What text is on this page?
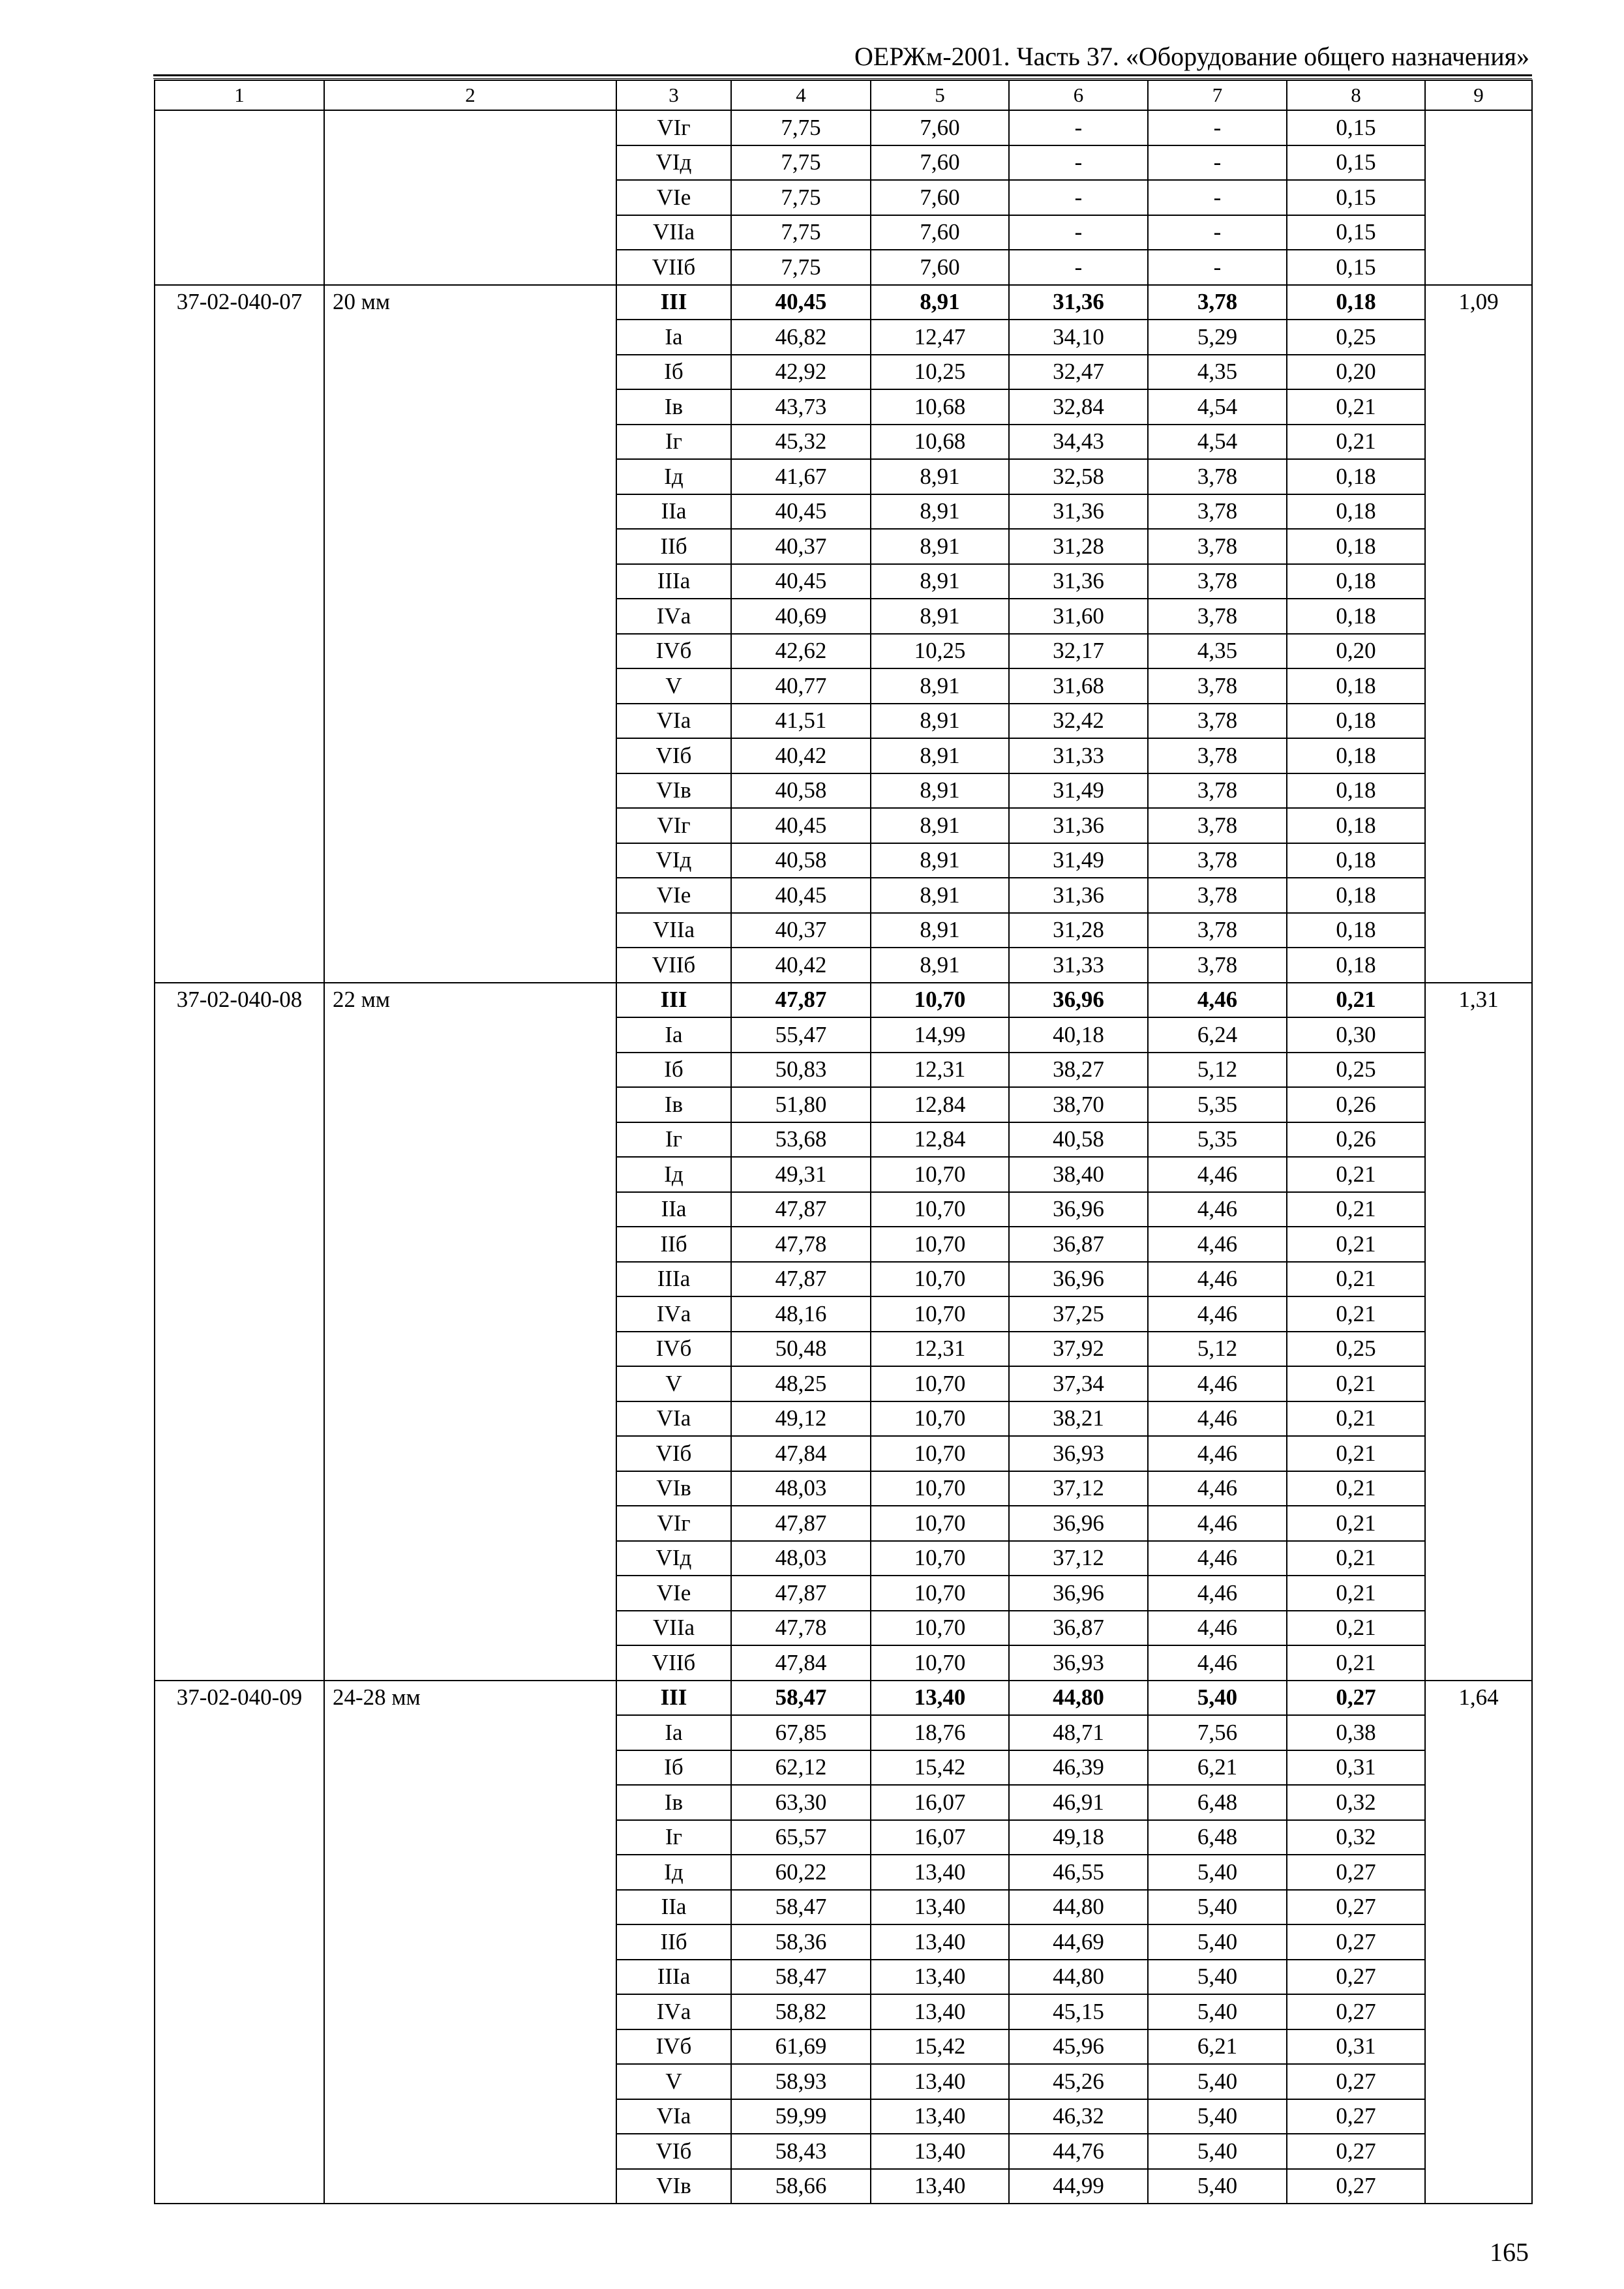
ОЕРЖм-2001. Часть 37. «Оборудование общего назначения»
1	2	3	4	5	6	7	8	9
		VIг	7,75	7,60	-	-	0,15	
		VIд	7,75	7,60	-	-	0,15	
		VIе	7,75	7,60	-	-	0,15	
		VIIа	7,75	7,60	-	-	0,15	
		VIIб	7,75	7,60	-	-	0,15	
37-02-040-07	20 мм	III	40,45	8,91	31,36	3,78	0,18	1,09
		Iа	46,82	12,47	34,10	5,29	0,25	
		Iб	42,92	10,25	32,47	4,35	0,20	
		Iв	43,73	10,68	32,84	4,54	0,21	
		Iг	45,32	10,68	34,43	4,54	0,21	
		Iд	41,67	8,91	32,58	3,78	0,18	
		IIа	40,45	8,91	31,36	3,78	0,18	
		IIб	40,37	8,91	31,28	3,78	0,18	
		IIIа	40,45	8,91	31,36	3,78	0,18	
		IVа	40,69	8,91	31,60	3,78	0,18	
		IVб	42,62	10,25	32,17	4,35	0,20	
		V	40,77	8,91	31,68	3,78	0,18	
		VIа	41,51	8,91	32,42	3,78	0,18	
		VIб	40,42	8,91	31,33	3,78	0,18	
		VIв	40,58	8,91	31,49	3,78	0,18	
		VIг	40,45	8,91	31,36	3,78	0,18	
		VIд	40,58	8,91	31,49	3,78	0,18	
		VIе	40,45	8,91	31,36	3,78	0,18	
		VIIа	40,37	8,91	31,28	3,78	0,18	
		VIIб	40,42	8,91	31,33	3,78	0,18	
37-02-040-08	22 мм	III	47,87	10,70	36,96	4,46	0,21	1,31
		Iа	55,47	14,99	40,18	6,24	0,30	
		Iб	50,83	12,31	38,27	5,12	0,25	
		Iв	51,80	12,84	38,70	5,35	0,26	
		Iг	53,68	12,84	40,58	5,35	0,26	
		Iд	49,31	10,70	38,40	4,46	0,21	
		IIа	47,87	10,70	36,96	4,46	0,21	
		IIб	47,78	10,70	36,87	4,46	0,21	
		IIIа	47,87	10,70	36,96	4,46	0,21	
		IVа	48,16	10,70	37,25	4,46	0,21	
		IVб	50,48	12,31	37,92	5,12	0,25	
		V	48,25	10,70	37,34	4,46	0,21	
		VIа	49,12	10,70	38,21	4,46	0,21	
		VIб	47,84	10,70	36,93	4,46	0,21	
		VIв	48,03	10,70	37,12	4,46	0,21	
		VIг	47,87	10,70	36,96	4,46	0,21	
		VIд	48,03	10,70	37,12	4,46	0,21	
		VIе	47,87	10,70	36,96	4,46	0,21	
		VIIа	47,78	10,70	36,87	4,46	0,21	
		VIIб	47,84	10,70	36,93	4,46	0,21	
37-02-040-09	24-28 мм	III	58,47	13,40	44,80	5,40	0,27	1,64
		Iа	67,85	18,76	48,71	7,56	0,38	
		Iб	62,12	15,42	46,39	6,21	0,31	
		Iв	63,30	16,07	46,91	6,48	0,32	
		Iг	65,57	16,07	49,18	6,48	0,32	
		Iд	60,22	13,40	46,55	5,40	0,27	
		IIа	58,47	13,40	44,80	5,40	0,27	
		IIб	58,36	13,40	44,69	5,40	0,27	
		IIIа	58,47	13,40	44,80	5,40	0,27	
		IVа	58,82	13,40	45,15	5,40	0,27	
		IVб	61,69	15,42	45,96	6,21	0,31	
		V	58,93	13,40	45,26	5,40	0,27	
		VIа	59,99	13,40	46,32	5,40	0,27	
		VIб	58,43	13,40	44,76	5,40	0,27	
		VIв	58,66	13,40	44,99	5,40	0,27	
165
